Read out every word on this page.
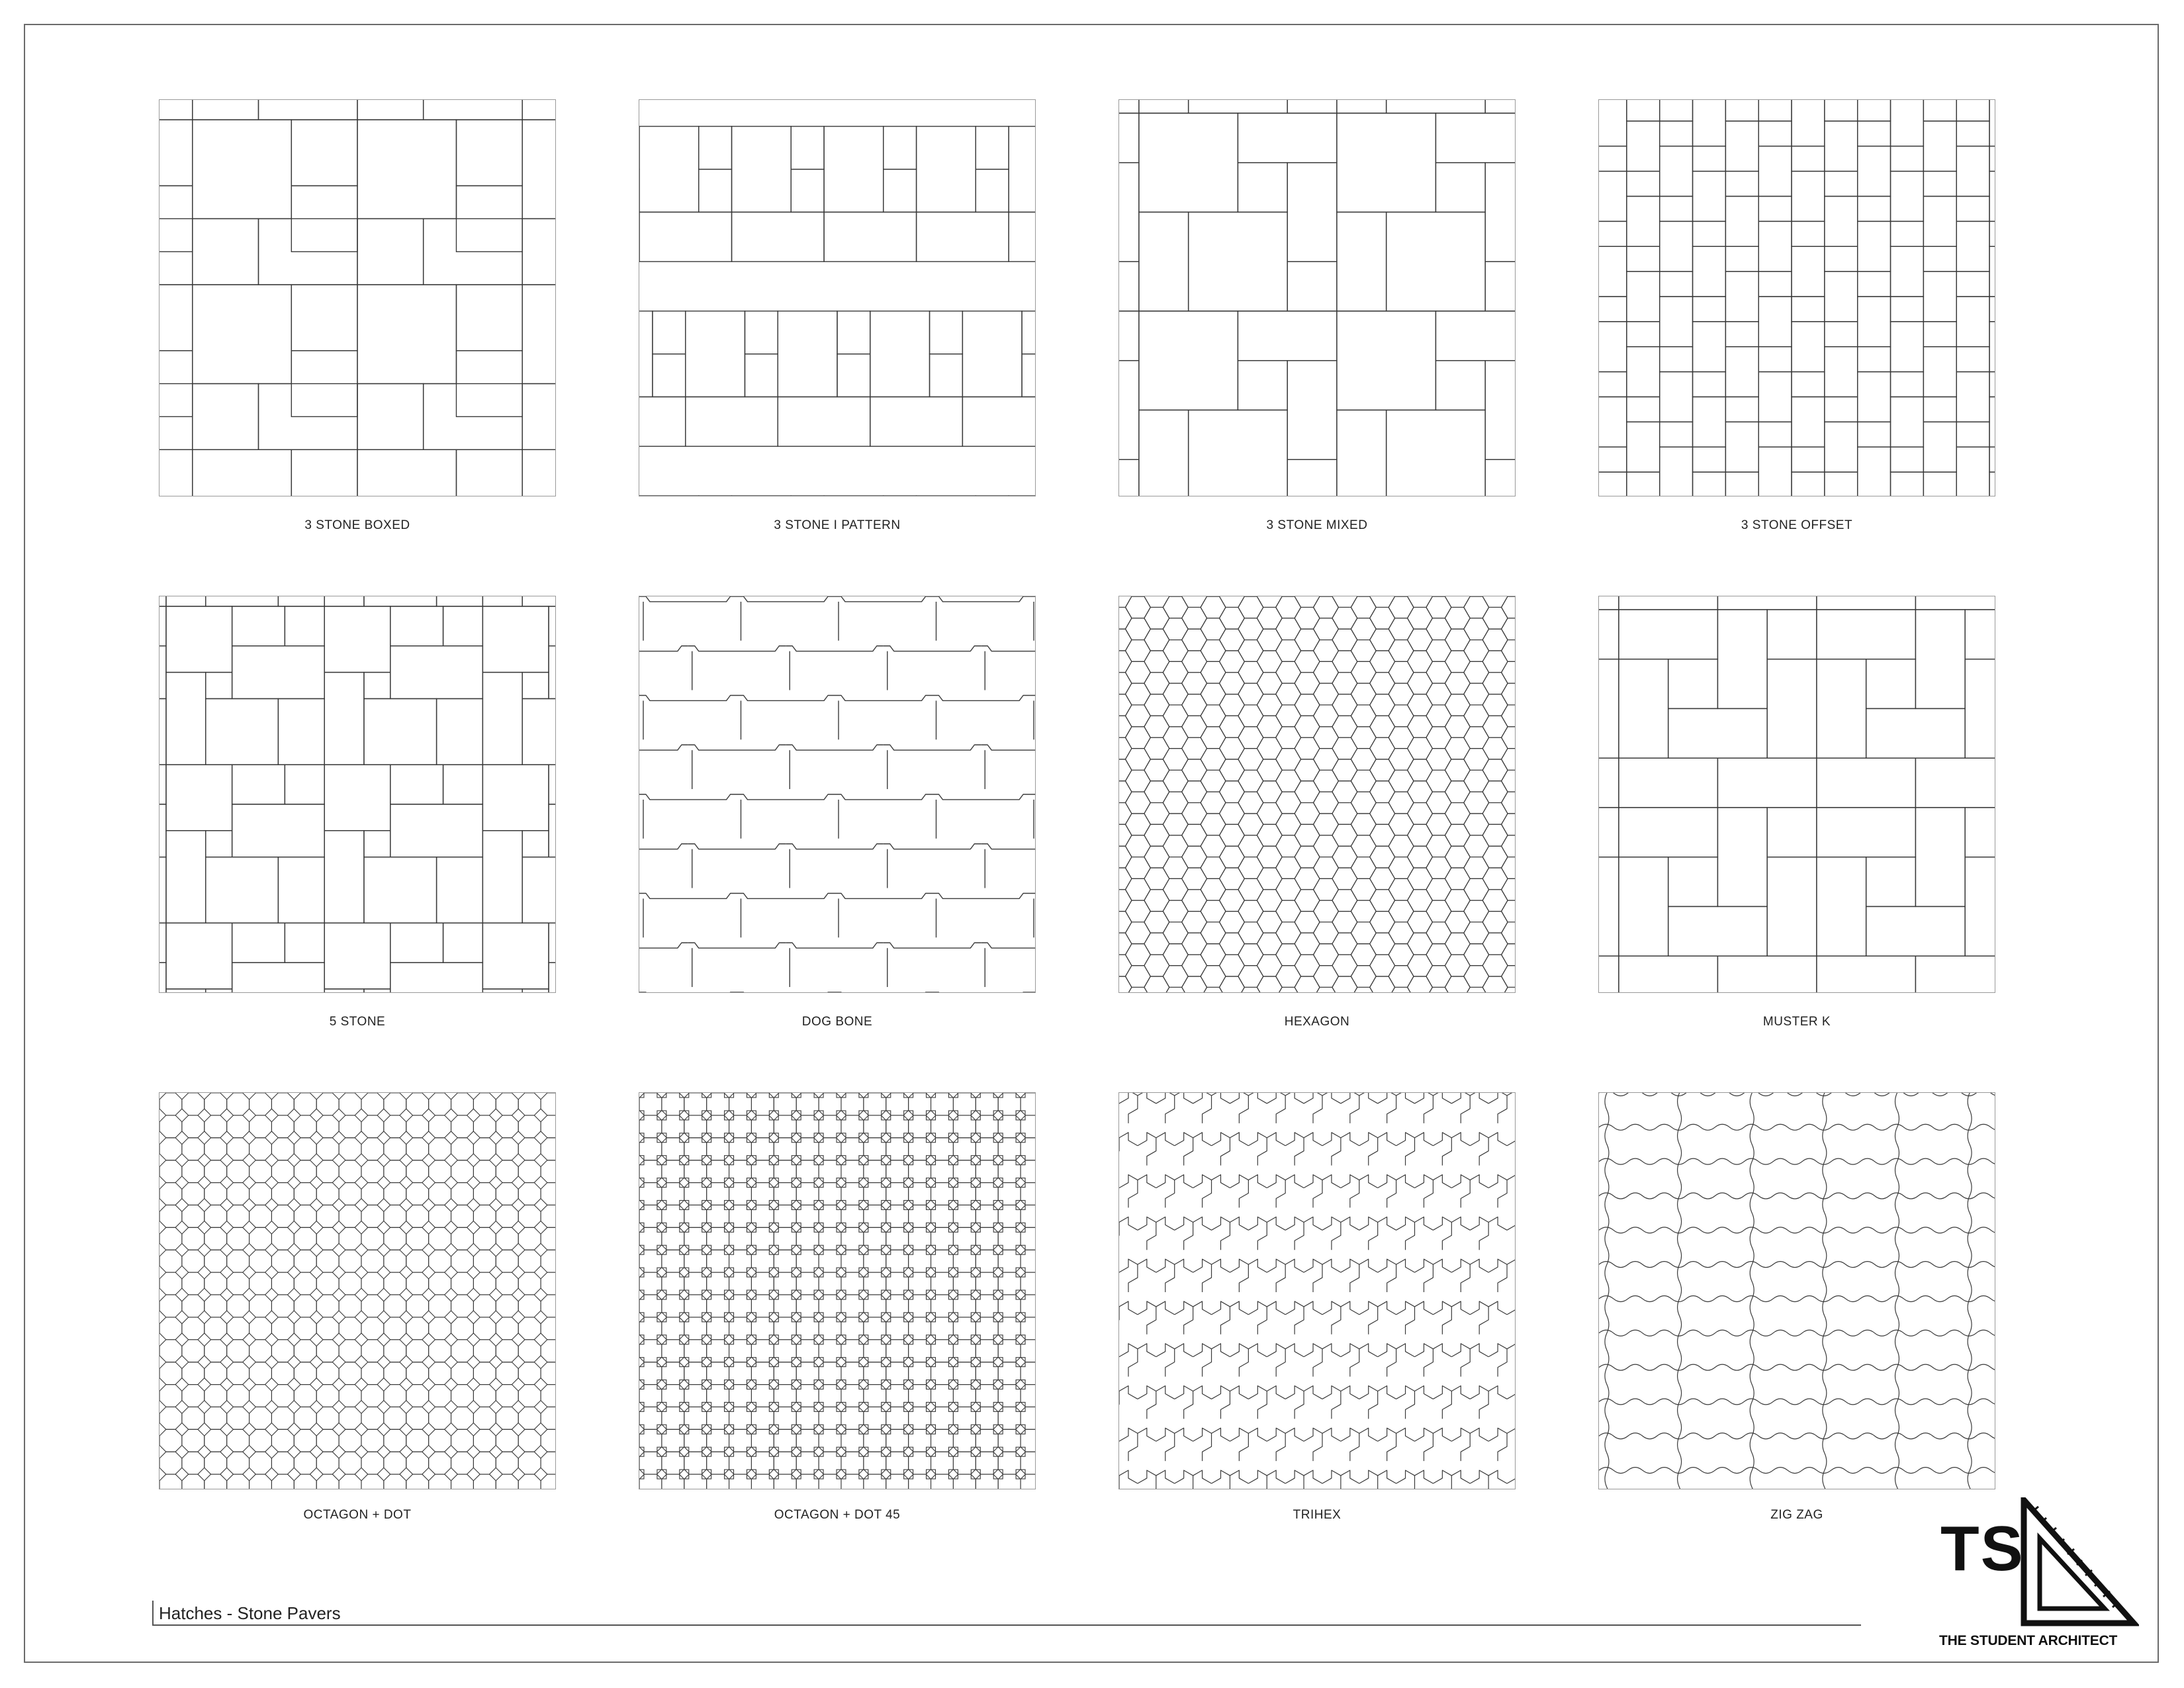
3 STONE BOXED	3 STONE I PATTERN	3 STONE MIXED	3 STONE OFFSET
5 STONE	DOG BONE	HEXAGON	MUSTER K
OCTAGON + DOT	OCTAGON + DOT 45	TRIHEX	ZIG ZAG
Hatches - Stone Pavers
TS
THE STUDENT ARCHITECT
